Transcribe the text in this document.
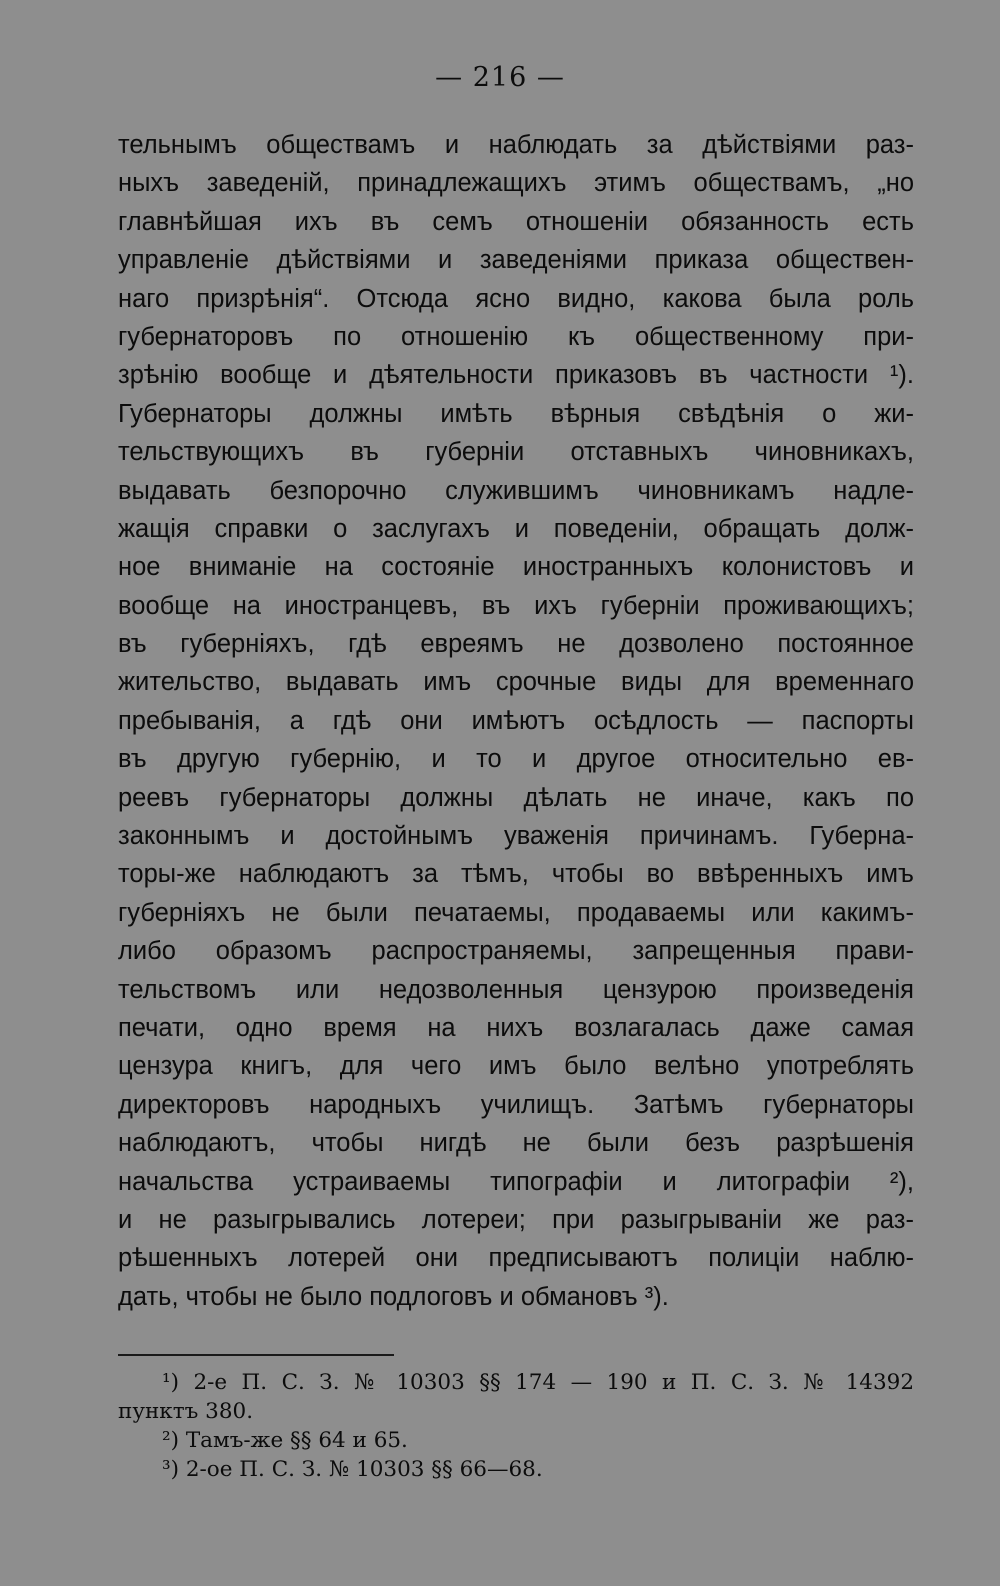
— 216 —
тельнымъ обществамъ и наблюдать за дѣйствіями раз-
ныхъ заведеній, принадлежащихъ этимъ обществамъ, „но
главнѣйшая ихъ въ семъ отношеніи обязанность есть
управленіе дѣйствіями и заведеніями приказа обществен-
наго призрѣнія“. Отсюда ясно видно, какова была роль
губернаторовъ по отношенію къ общественному при-
зрѣнію вообще и дѣятельности приказовъ въ частности ¹).
Губернаторы должны имѣть вѣрныя свѣдѣнія о жи-
тельствующихъ въ губерніи отставныхъ чиновникахъ,
выдавать безпорочно служившимъ чиновникамъ надле-
жащія справки о заслугахъ и поведеніи, обращать долж-
ное вниманіе на состояніе иностранныхъ колонистовъ и
вообще на иностранцевъ, въ ихъ губерніи проживающихъ;
въ губерніяхъ, гдѣ евреямъ не дозволено постоянное
жительство, выдавать имъ срочные виды для временнаго
пребыванія, а гдѣ они имѣютъ осѣдлость — паспорты
въ другую губернію, и то и другое относительно ев-
реевъ губернаторы должны дѣлать не иначе, какъ по
законнымъ и достойнымъ уваженія причинамъ. Губерна-
торы-же наблюдаютъ за тѣмъ, чтобы во ввѣренныхъ имъ
губерніяхъ не были печатаемы, продаваемы или какимъ-
либо образомъ распространяемы, запрещенныя прави-
тельствомъ или недозволенныя цензурою произведенія
печати, одно время на нихъ возлагалась даже самая
цензура книгъ, для чего имъ было велѣно употреблять
директоровъ народныхъ училищъ. Затѣмъ губернаторы
наблюдаютъ, чтобы нигдѣ не были безъ разрѣшенія
начальства устраиваемы типографіи и литографіи ²),
и не разыгрывались лотереи; при разыгрываніи же раз-
рѣшенныхъ лотерей они предписываютъ полиціи наблю-
дать, чтобы не было подлоговъ и обмановъ ³).
¹) 2-е П. С. З. № 10303 §§ 174 — 190 и П. С. З. № 14392
пунктъ 380.
²) Тамъ-же §§ 64 и 65.
³) 2-ое П. С. З. № 10303 §§ 66—68.
